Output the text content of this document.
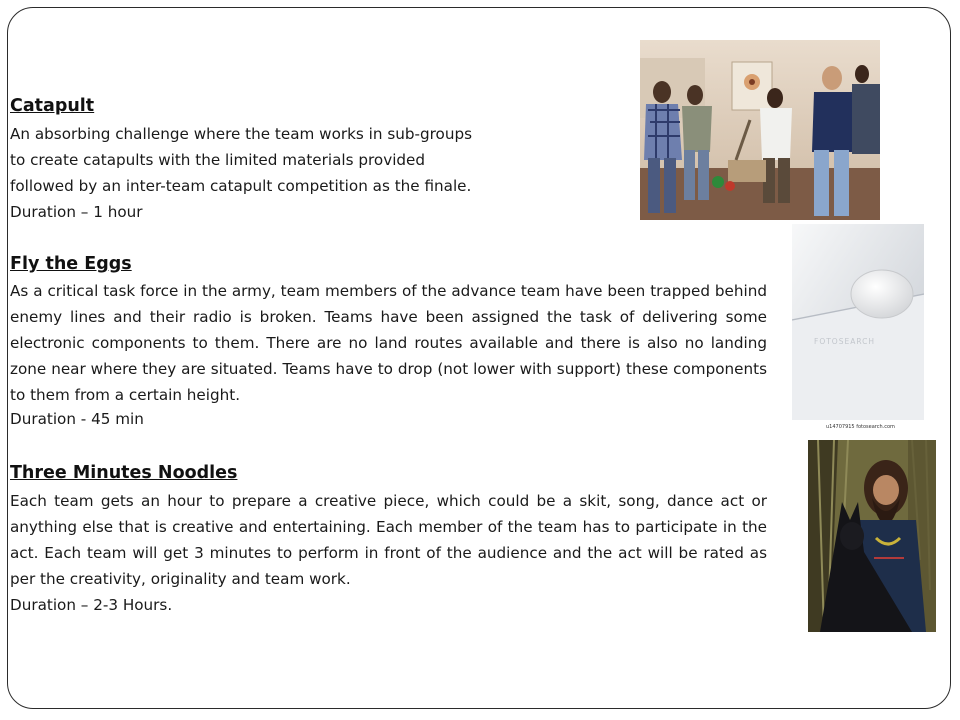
Catapult
An absorbing challenge where the team works in sub-groups
to create catapults with the limited materials provided
followed by an inter-team catapult competition as the finale.
Duration – 1 hour
Fly the Eggs
As a critical task force in the army, team members of the advance team have been trapped behind enemy lines and their radio is broken. Teams have been assigned the task of delivering some electronic components to them. There are no land routes available and there is also no landing zone near where they are situated. Teams have to drop (not lower with support) these components to them from a certain height.
Duration - 45 min
Three Minutes Noodles
Each team gets an hour to prepare a creative piece, which could be a skit, song, dance act or anything else that is creative and entertaining. Each member of the team has to participate in the act. Each team will get 3 minutes to perform in front of the audience and the act will be rated as per the creativity, originality and team work.
Duration – 2-3 Hours.
FOTOSEARCH
u14707915 fotosearch.com
